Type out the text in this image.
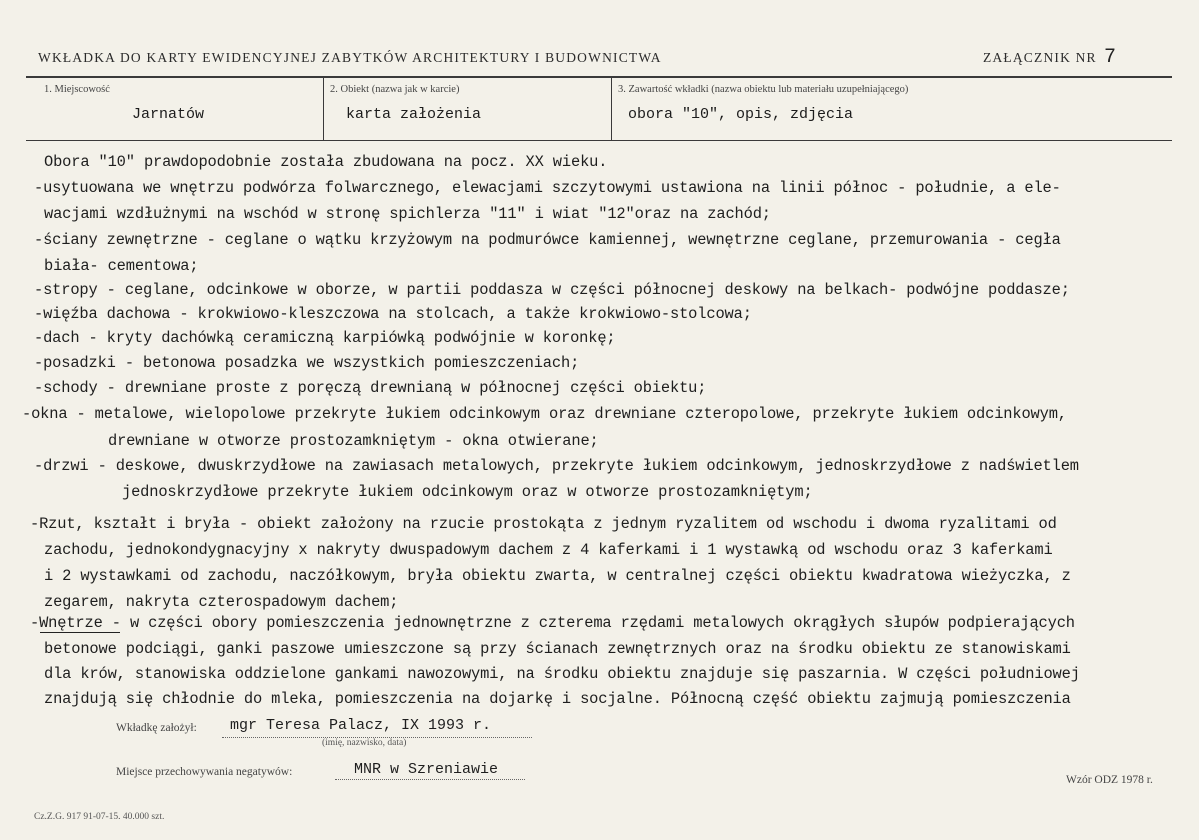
WKŁADKA DO KARTY EWIDENCYJNEJ ZABYTKÓW ARCHITEKTURY I BUDOWNICTWA	ZAŁĄCZNIK NR 7
1. Miejscowość
Jarnatów
2. Obiekt (nazwa jak w karcie)
karta założenia
3. Zawartość wkładki (nazwa obiektu lub materiału uzupełniającego)
obora "10", opis, zdjęcia
Obora "10" prawdopodobnie została zbudowana na pocz. XX wieku.
-usytuowana we wnętrzu podwórza folwarcznego, elewacjami szczytowymi ustawiona na linii północ - południe, a ele-
wacjami wzdłużnymi na wschód w stronę spichlerza "11" i wiat "12"oraz na zachód;
-ściany zewnętrzne - ceglane o wątku krzyżowym na podmurówce kamiennej, wewnętrzne ceglane, przemurowania - cegła
biała- cementowa;
-stropy - ceglane, odcinkowe w oborze, w partii poddasza w części północnej deskowy na belkach- podwójne poddasze;
-więźba dachowa - krokwiowo-kleszczowa na stolcach, a także krokwiowo-stolcowa;
-dach - kryty dachówką ceramiczną karpiówką podwójnie w koronkę;
-posadzki - betonowa posadzka we wszystkich pomieszczeniach;
-schody - drewniane proste z poręczą drewnianą w północnej części obiektu;
-okna - metalowe, wielopolowe przekryte łukiem odcinkowym oraz drewniane czteropolowe, przekryte łukiem odcinkowym,
drewniane w otworze prostozamkniętym - okna otwierane;
-drzwi - deskowe, dwuskrzydłowe na zawiasach metalowych, przekryte łukiem odcinkowym, jednoskrzydłowe z nadświetlem
jednoskrzydłowe przekryte łukiem odcinkowym oraz w otworze prostozamkniętym;
-Rzut, kształt i bryła - obiekt założony na rzucie prostokąta z jednym ryzalitem od wschodu i dwoma ryzalitami od
zachodu, jednokondygnacyjny x nakryty dwuspadowym dachem z 4 kaferkami i 1 wystawką od wschodu oraz 3 kaferkami
i 2 wystawkami od zachodu, naczółkowym, bryła obiektu zwarta, w centralnej części obiektu kwadratowa wieżyczka, z
zegarem, nakryta czterospadowym dachem;
-Wnętrze - w części obory pomieszczenia jednownętrzne z czterema rzędami metalowych okrągłych słupów podpierających
betonowe podciągi, ganki paszowe umieszczone są przy ścianach zewnętrznych oraz na środku obiektu ze stanowiskami
dla krów, stanowiska oddzielone gankami nawozowymi, na środku obiektu znajduje się paszarnia. W części południowej
znajdują się chłodnie do mleka, pomieszczenia na dojarkę i socjalne. Północną część obiektu zajmują pomieszczenia
Wkładkę założył: mgr Teresa Palacz, IX 1993 r.
(imię, nazwisko, data)
Miejsce przechowywania negatywów:	MNR w Szreniawie
Wzór ODZ 1978 r.
Cz.Z.G. 917 91-07-15. 40.000 szt.
